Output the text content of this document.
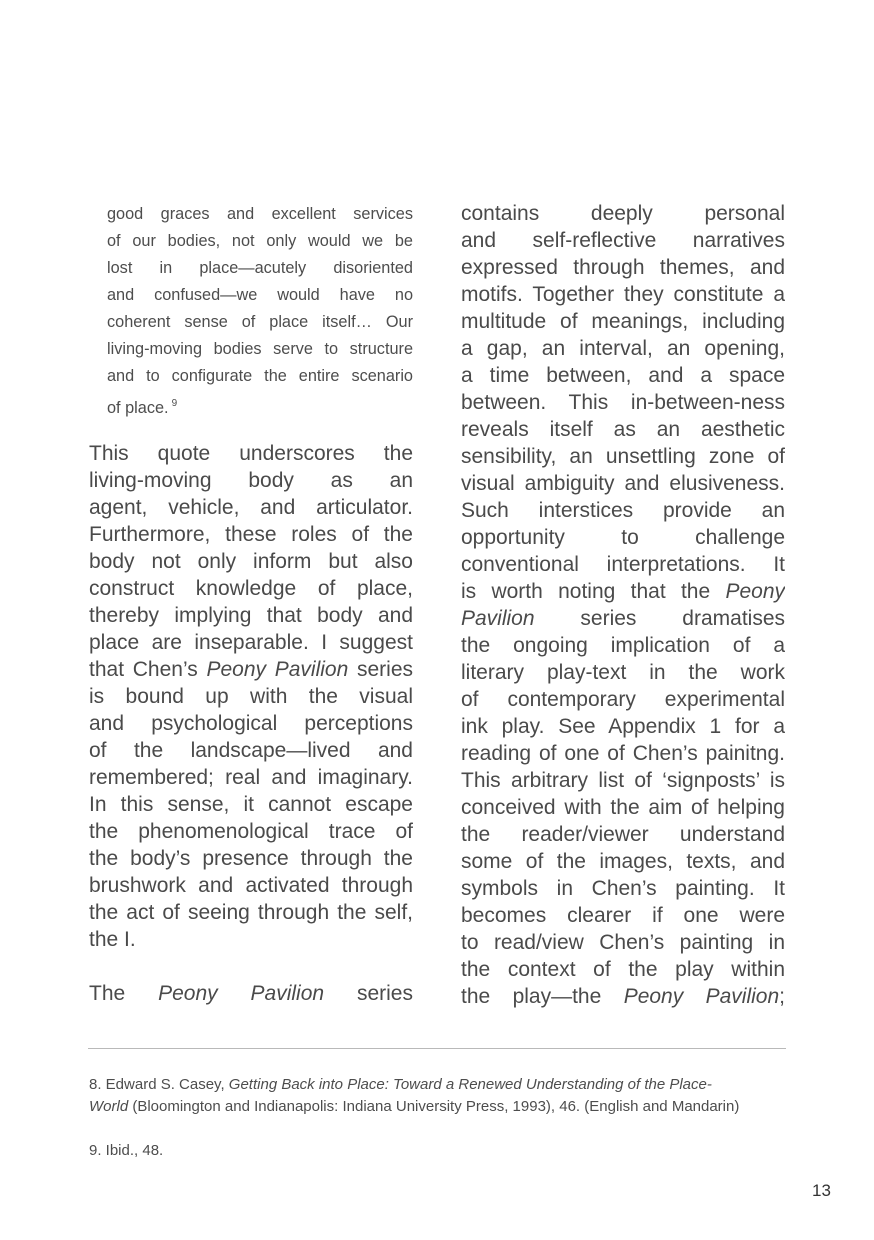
good graces and excellent services
of our bodies, not only would we be
lost in place—acutely disoriented
and confused—we would have no
coherent sense of place itself… Our
living-moving bodies serve to structure
and to configurate the entire scenario
of place. $^9$
This quote underscores the
living-moving body as an
agent, vehicle, and articulator.
Furthermore, these roles of the
body not only inform but also
construct knowledge of place,
thereby implying that body and
place are inseparable. I suggest
that Chen’s Peony Pavilion series
is bound up with the visual
and psychological perceptions
of the landscape—lived and
remembered; real and imaginary.
In this sense, it cannot escape
the phenomenological trace of
the body’s presence through the
brushwork and activated through
the act of seeing through the self,
the I.
The Peony Pavilion series
contains deeply personal
and self-reflective narratives
expressed through themes, and
motifs. Together they constitute a
multitude of meanings, including
a gap, an interval, an opening,
a time between, and a space
between. This in-between-ness
reveals itself as an aesthetic
sensibility, an unsettling zone of
visual ambiguity and elusiveness.
Such interstices provide an
opportunity to challenge
conventional interpretations. It
is worth noting that the Peony
Pavilion series dramatises
the ongoing implication of a
literary play-text in the work
of contemporary experimental
ink play. See Appendix 1 for a
reading of one of Chen’s painitng.
This arbitrary list of ‘signposts’ is
conceived with the aim of helping
the reader/viewer understand
some of the images, texts, and
symbols in Chen’s painting. It
becomes clearer if one were
to read/view Chen’s painting in
the context of the play within
the play—the Peony Pavilion;
8. Edward S. Casey, Getting Back into Place: Toward a Renewed Understanding of the Place-
World (Bloomington and Indianapolis: Indiana University Press, 1993), 46. (English and Mandarin)
9. Ibid., 48.
13
